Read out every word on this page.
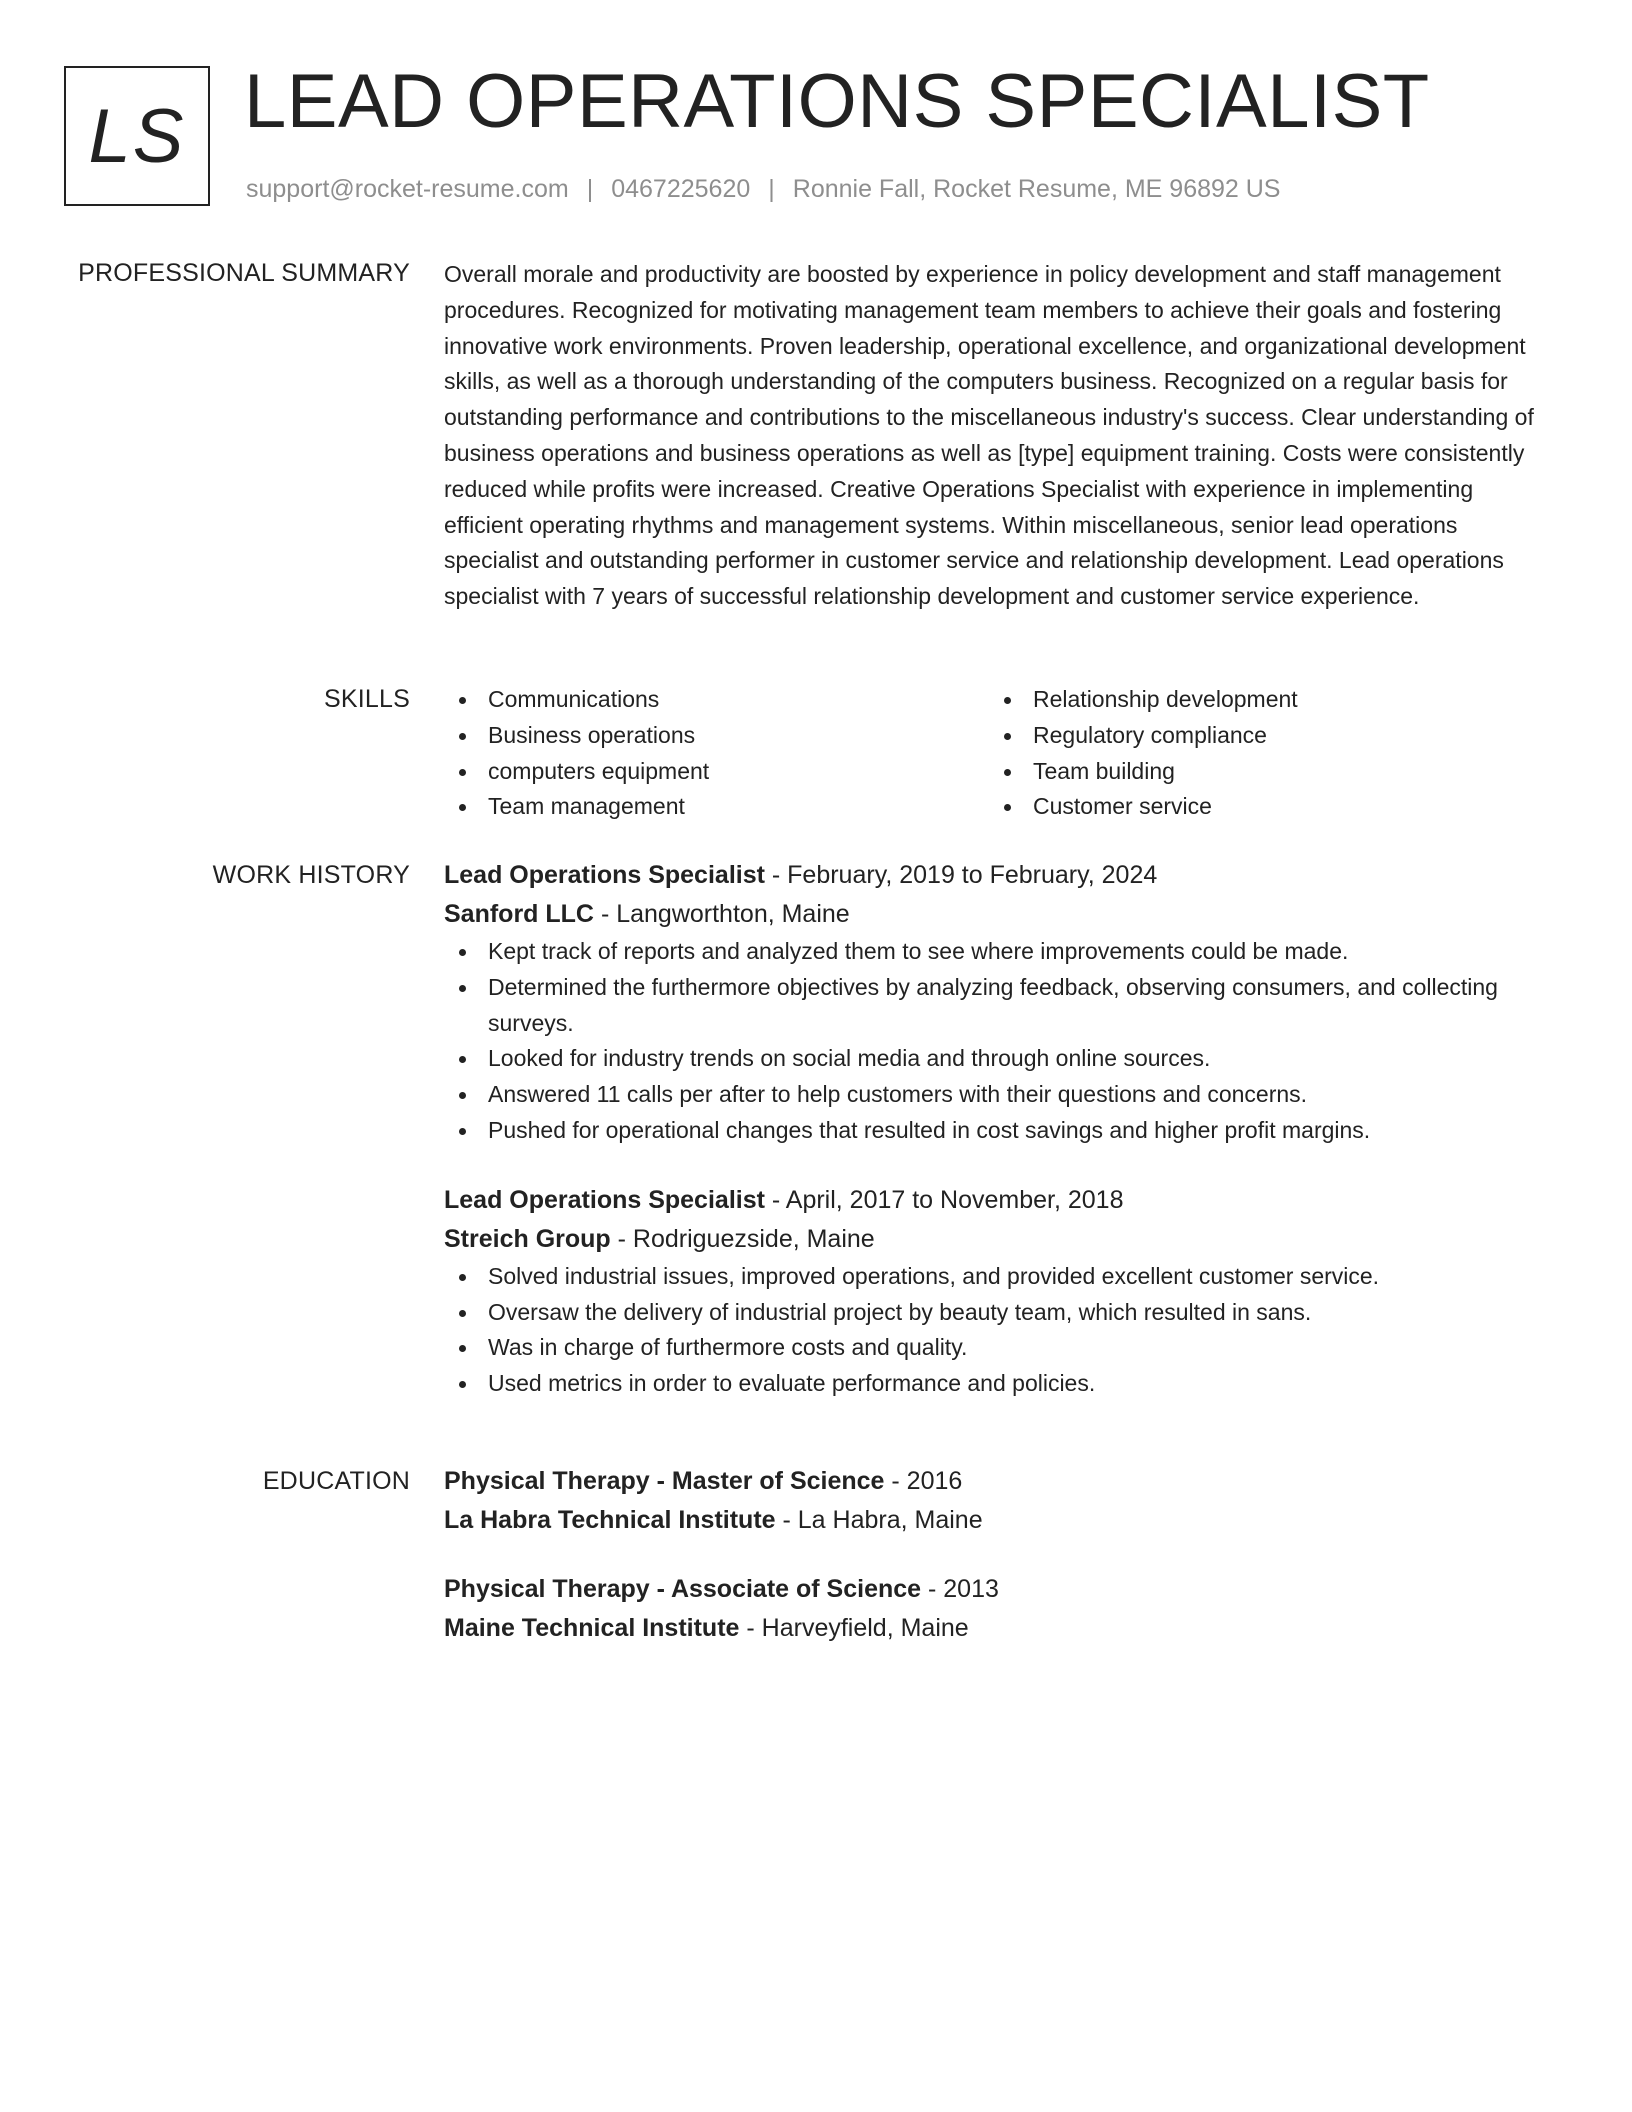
LS LEAD OPERATIONS SPECIALIST
support@rocket-resume.com | 0467225620 | Ronnie Fall, Rocket Resume, ME 96892 US
PROFESSIONAL SUMMARY Overall morale and productivity are boosted by experience in policy development and staff management procedures. Recognized for motivating management team members to achieve their goals and fostering innovative work environments. Proven leadership, operational excellence, and organizational development skills, as well as a thorough understanding of the computers business. Recognized on a regular basis for outstanding performance and contributions to the miscellaneous industry's success. Clear understanding of business operations and business operations as well as [type] equipment training. Costs were consistently reduced while profits were increased. Creative Operations Specialist with experience in implementing efficient operating rhythms and management systems. Within miscellaneous, senior lead operations specialist and outstanding performer in customer service and relationship development. Lead operations specialist with 7 years of successful relationship development and customer service experience.

SKILLS	Communications
Business operations
computers equipment
Team management
Relationship development
Regulatory compliance
Team building
Customer service
WORK HISTORY Lead Operations Specialist - February, 2019 to February, 2024
Sanford LLC - Langworthton, Maine
Kept track of reports and analyzed them to see where improvements could be made.
Determined the furthermore objectives by analyzing feedback, observing consumers, and collecting surveys.
Looked for industry trends on social media and through online sources.
Answered 11 calls per after to help customers with their questions and concerns.
Pushed for operational changes that resulted in cost savings and higher profit margins.
Lead Operations Specialist - April, 2017 to November, 2018
Streich Group - Rodriguezside, Maine
Solved industrial issues, improved operations, and provided excellent customer service.
Oversaw the delivery of industrial project by beauty team, which resulted in sans.
Was in charge of furthermore costs and quality.
Used metrics in order to evaluate performance and policies.
EDUCATION Physical Therapy - Master of Science - 2016
La Habra Technical Institute - La Habra, Maine
Physical Therapy - Associate of Science - 2013
Maine Technical Institute - Harveyfield, Maine
